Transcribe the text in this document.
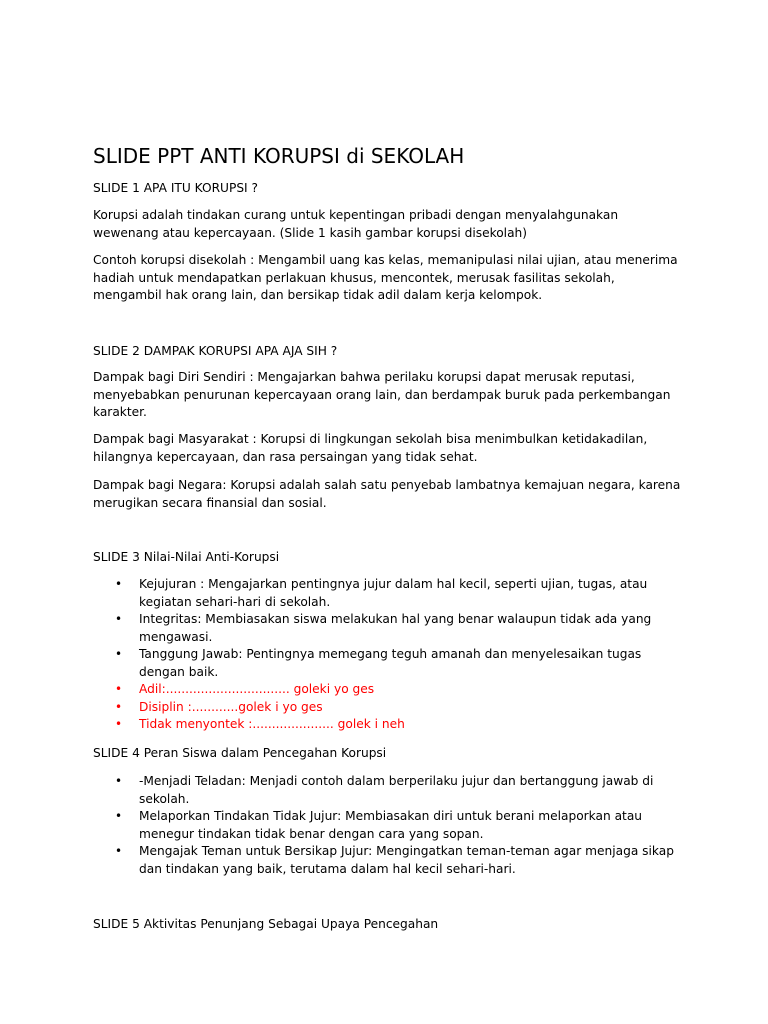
SLIDE PPT ANTI KORUPSI di SEKOLAH

SLIDE 1 APA ITU KORUPSI ?

Korupsi adalah tindakan curang untuk kepentingan pribadi dengan menyalahgunakan wewenang atau kepercayaan. (Slide 1 kasih gambar korupsi disekolah)

Contoh korupsi disekolah : Mengambil uang kas kelas, memanipulasi nilai ujian, atau menerima hadiah untuk mendapatkan perlakuan khusus, mencontek, merusak fasilitas sekolah, mengambil hak orang lain, dan bersikap tidak adil dalam kerja kelompok.

SLIDE 2 DAMPAK KORUPSI APA AJA SIH ?

Dampak bagi Diri Sendiri : Mengajarkan bahwa perilaku korupsi dapat merusak reputasi, menyebabkan penurunan kepercayaan orang lain, dan berdampak buruk pada perkembangan karakter.

Dampak bagi Masyarakat : Korupsi di lingkungan sekolah bisa menimbulkan ketidakadilan, hilangnya kepercayaan, dan rasa persaingan yang tidak sehat.

Dampak bagi Negara: Korupsi adalah salah satu penyebab lambatnya kemajuan negara, karena merugikan secara finansial dan sosial.

SLIDE 3 Nilai-Nilai Anti-Korupsi

• Kejujuran : Mengajarkan pentingnya jujur dalam hal kecil, seperti ujian, tugas, atau kegiatan sehari-hari di sekolah.
• Integritas: Membiasakan siswa melakukan hal yang benar walaupun tidak ada yang mengawasi.
• Tanggung Jawab: Pentingnya memegang teguh amanah dan menyelesaikan tugas dengan baik.
• Adil:................................ goleki yo ges
• Disiplin :............golek i yo ges
• Tidak menyontek :..................... golek i neh

SLIDE 4 Peran Siswa dalam Pencegahan Korupsi

• -Menjadi Teladan: Menjadi contoh dalam berperilaku jujur dan bertanggung jawab di sekolah.
• Melaporkan Tindakan Tidak Jujur: Membiasakan diri untuk berani melaporkan atau menegur tindakan tidak benar dengan cara yang sopan.
• Mengajak Teman untuk Bersikap Jujur: Mengingatkan teman-teman agar menjaga sikap dan tindakan yang baik, terutama dalam hal kecil sehari-hari.

SLIDE 5 Aktivitas Penunjang Sebagai Upaya Pencegahan
